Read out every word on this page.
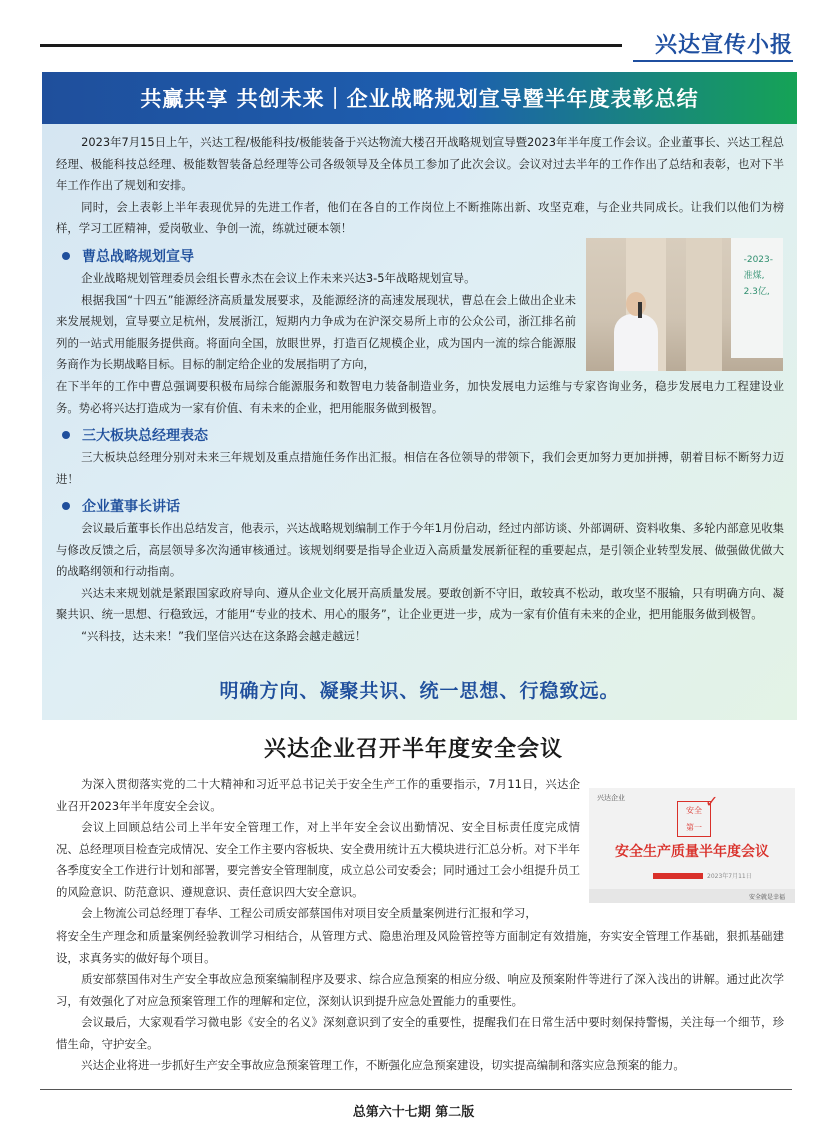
兴达宣传小报
共赢共享 共创未来｜企业战略规划宣导暨半年度表彰总结

2023年7月15日上午，兴达工程/极能科技/极能装备于兴达物流大楼召开战略规划宣导暨2023年半年度工作会议。企业董事长、兴达工程总经理、极能科技总经理、极能数智装备总经理等公司各级领导及全体员工参加了此次会议。会议对过去半年的工作作出了总结和表彰，也对下半年工作作出了规划和安排。

同时，会上表彰上半年表现优异的先进工作者，他们在各自的工作岗位上不断推陈出新、攻坚克难，与企业共同成长。让我们以他们为榜样，学习工匠精神，爱岗敬业、争创一流，练就过硬本领！

曹总战略规划宣导

企业战略规划管理委员会组长曹永杰在会议上作未来兴达3-5年战略规划宣导。

根据我国“十四五”能源经济高质量发展要求，及能源经济的高速发展现状，曹总在会上做出企业未来发展规划，宣导要立足杭州，发展浙江，短期内力争成为在沪深交易所上市的公众公司，浙江排名前列的一站式用能服务提供商。将面向全国，放眼世界，打造百亿规模企业，成为国内一流的综合能源服务商作为长期战略目标。目标的制定给企业的发展指明了方向，

在下半年的工作中曹总强调要积极布局综合能源服务和数智电力装备制造业务，加快发展电力运维与专家咨询业务，稳步发展电力工程建设业务。势必将兴达打造成为一家有价值、有未来的企业，把用能服务做到极智。

-2023-
准煤,
2.3亿,
三大板块总经理表态

三大板块总经理分别对未来三年规划及重点措施任务作出汇报。相信在各位领导的带领下，我们会更加努力更加拼搏，朝着目标不断努力迈进！

企业董事长讲话

会议最后董事长作出总结发言，他表示，兴达战略规划编制工作于今年1月份启动，经过内部访谈、外部调研、资料收集、多轮内部意见收集与修改反馈之后，高层领导多次沟通审核通过。该规划纲要是指导企业迈入高质量发展新征程的重要起点，是引领企业转型发展、做强做优做大的战略纲领和行动指南。

兴达未来规划就是紧跟国家政府导向、遵从企业文化展开高质量发展。要敢创新不守旧，敢较真不松动，敢攻坚不服输，只有明确方向、凝聚共识、统一思想、行稳致远，才能用“专业的技术、用心的服务”，让企业更进一步，成为一家有价值有未来的企业，把用能服务做到极智。

“兴科技，达未来！”我们坚信兴达在这条路会越走越远！

明确方向、凝聚共识、统一思想、行稳致远。
兴达企业召开半年度安全会议

为深入贯彻落实党的二十大精神和习近平总书记关于安全生产工作的重要指示，7月11日，兴达企业召开2023年半年度安全会议。

会议上回顾总结公司上半年安全管理工作，对上半年安全会议出勤情况、安全目标责任度完成情况、总经理项目检查完成情况、安全工作主要内容板块、安全费用统计五大模块进行汇总分析。对下半年各季度安全工作进行计划和部署，要完善安全管理制度，成立总公司安委会；同时通过工会小组提升员工的风险意识、防范意识、遵规意识、责任意识四大安全意识。

会上物流公司总经理丁春华、工程公司质安部蔡国伟对项目安全质量案例进行汇报和学习，

将安全生产理念和质量案例经验教训学习相结合，从管理方式、隐患治理及风险管控等方面制定有效措施，夯实安全管理工作基础，狠抓基础建设，求真务实的做好每个项目。

质安部蔡国伟对生产安全事故应急预案编制程序及要求、综合应急预案的相应分级、响应及预案附件等进行了深入浅出的讲解。通过此次学习，有效强化了对应急预案管理工作的理解和定位，深刻认识到提升应急处置能力的重要性。

会议最后，大家观看学习微电影《安全的名义》深刻意识到了安全的重要性，提醒我们在日常生活中要时刻保持警惕，关注每一个细节，珍惜生命，守护安全。

兴达企业将进一步抓好生产安全事故应急预案管理工作，不断强化应急预案建设，切实提高编制和落实应急预案的能力。

兴达企业
安全
第一
✓
安全生产质量半年度会议
2023年7月11日
安全就是幸福
总第六十七期 第二版
